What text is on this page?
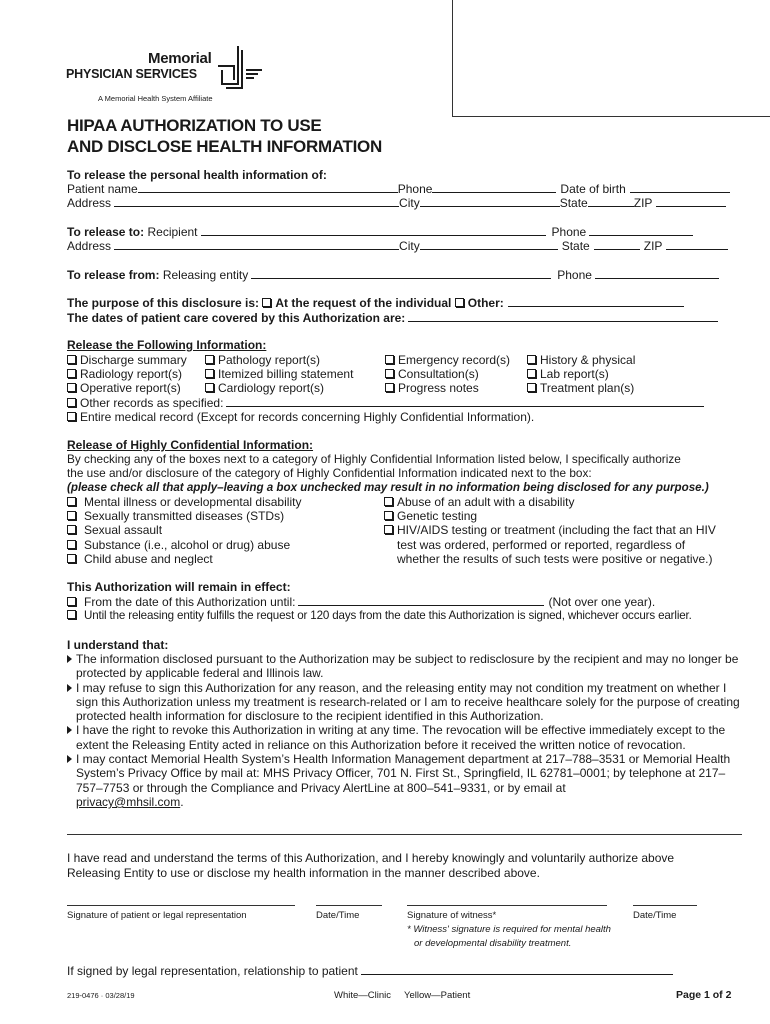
Memorial
PHYSICIAN SERVICES
A Memorial Health System Affiliate
HIPAA AUTHORIZATION TO USE
AND DISCLOSE HEALTH INFORMATION
To release the personal health information of:
Patient name	Phone	Date of birth
Address	City	State	ZIP
To release to: Recipient	Phone
Address	City	State	ZIP
To release from: Releasing entity	Phone
The purpose of this disclosure is: At the request of the individual Other:
The dates of patient care covered by this Authorization are:
Release the Following Information:
Discharge summary	Pathology report(s)	Emergency record(s)	History & physical
Radiology report(s)	Itemized billing statement	Consultation(s)	Lab report(s)
Operative report(s)	Cardiology report(s)	Progress notes	Treatment plan(s)
Other records as specified:
Entire medical record (Except for records concerning Highly Confidential Information).
Release of Highly Confidential Information:
By checking any of the boxes next to a category of Highly Confidential Information listed below, I specifically authorize
the use and/or disclosure of the category of Highly Confidential Information indicated next to the box:
(please check all that apply–leaving a box unchecked may result in no information being disclosed for any purpose.)
Mental illness or developmental disability
Sexually transmitted diseases (STDs)
Sexual assault
Substance (i.e., alcohol or drug) abuse
Child abuse and neglect
Abuse of an adult with a disability
Genetic testing
HIV/AIDS testing or treatment (including the fact that an HIV
test was ordered, performed or reported, regardless of
whether the results of such tests were positive or negative.)
This Authorization will remain in effect:
From the date of this Authorization until:	(Not over one year).
Until the releasing entity fulfills the request or 120 days from the date this Authorization is signed, whichever occurs earlier.
I understand that:
The information disclosed pursuant to the Authorization may be subject to redisclosure by the recipient and may no longer be protected by applicable federal and Illinois law.
I may refuse to sign this Authorization for any reason, and the releasing entity may not condition my treatment on whether I sign this Authorization unless my treatment is research-related or I am to receive healthcare solely for the purpose of creating protected health information for disclosure to the recipient identified in this Authorization.
I have the right to revoke this Authorization in writing at any time. The revocation will be effective immediately except to the extent the Releasing Entity acted in reliance on this Authorization before it received the written notice of revocation.
I may contact Memorial Health System’s Health Information Management department at 217–788–3531 or Memorial Health System’s Privacy Office by mail at: MHS Privacy Officer, 701 N. First St., Springfield, IL 62781–0001; by telephone at 217–757–7753 or through the Compliance and Privacy AlertLine at 800–541–9331, or by email at
privacy@mhsil.com.
I have read and understand the terms of this Authorization, and I hereby knowingly and voluntarily authorize above
Releasing Entity to use or disclose my health information in the manner described above.
Signature of patient or legal representation	Date/Time	Signature of witness*	Date/Time
* Witness' signature is required for mental health
or developmental disability treatment.
If signed by legal representation, relationship to patient
219-0476 · 03/28/19	White—Clinic     Yellow—Patient	Page 1 of 2
